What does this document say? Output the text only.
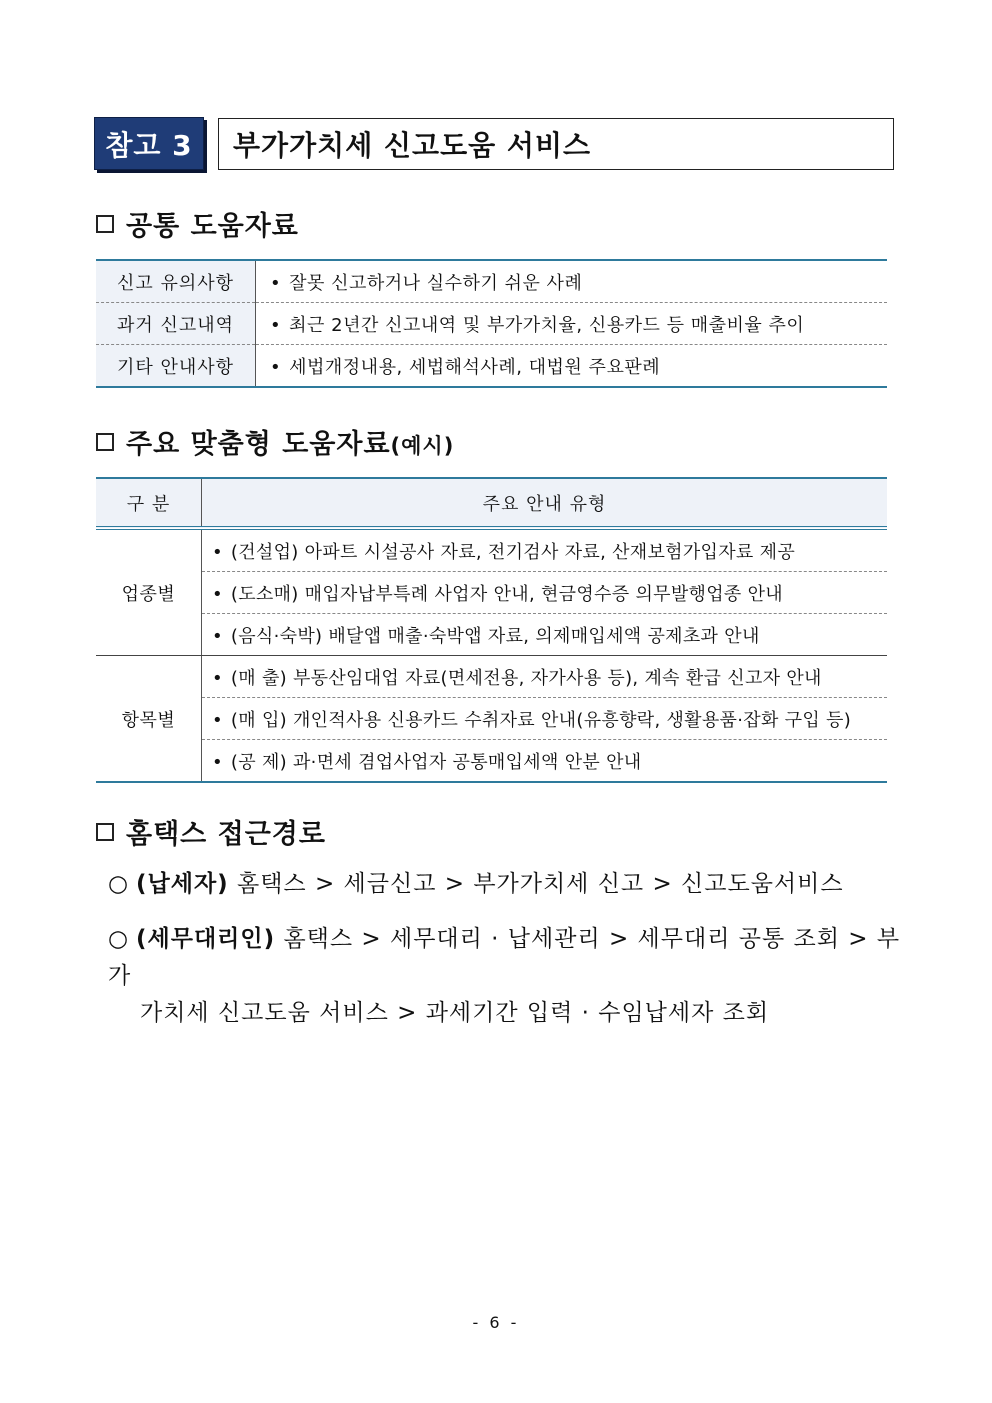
참고 3	부가가치세 신고도움 서비스
공통 도움자료
신고 유의사항	• 잘못 신고하거나 실수하기 쉬운 사례
과거 신고내역	• 최근 2년간 신고내역 및 부가가치율, 신용카드 등 매출비율 추이
기타 안내사항	• 세법개정내용, 세법해석사례, 대법원 주요판례
주요 맞춤형 도움자료(예시)
구 분	주요 안내 유형
업종별	• (건설업) 아파트 시설공사 자료, 전기검사 자료, 산재보험가입자료 제공
	• (도소매) 매입자납부특례 사업자 안내, 현금영수증 의무발행업종 안내
	• (음식·숙박) 배달앱 매출·숙박앱 자료, 의제매입세액 공제초과 안내
항목별	• (매 출) 부동산임대업 자료(면세전용, 자가사용 등), 계속 환급 신고자 안내
	• (매 입) 개인적사용 신용카드 수취자료 안내(유흥향락, 생활용품·잡화 구입 등)
	• (공 제) 과·면세 겸업사업자 공통매입세액 안분 안내
홈택스 접근경로
○ (납세자) 홈택스 > 세금신고 > 부가가치세 신고 > 신고도움서비스
○ (세무대리인) 홈택스 > 세무대리 · 납세관리 > 세무대리 공통 조회 > 부가
가치세 신고도움 서비스 > 과세기간 입력 · 수임납세자 조회
- 6 -
